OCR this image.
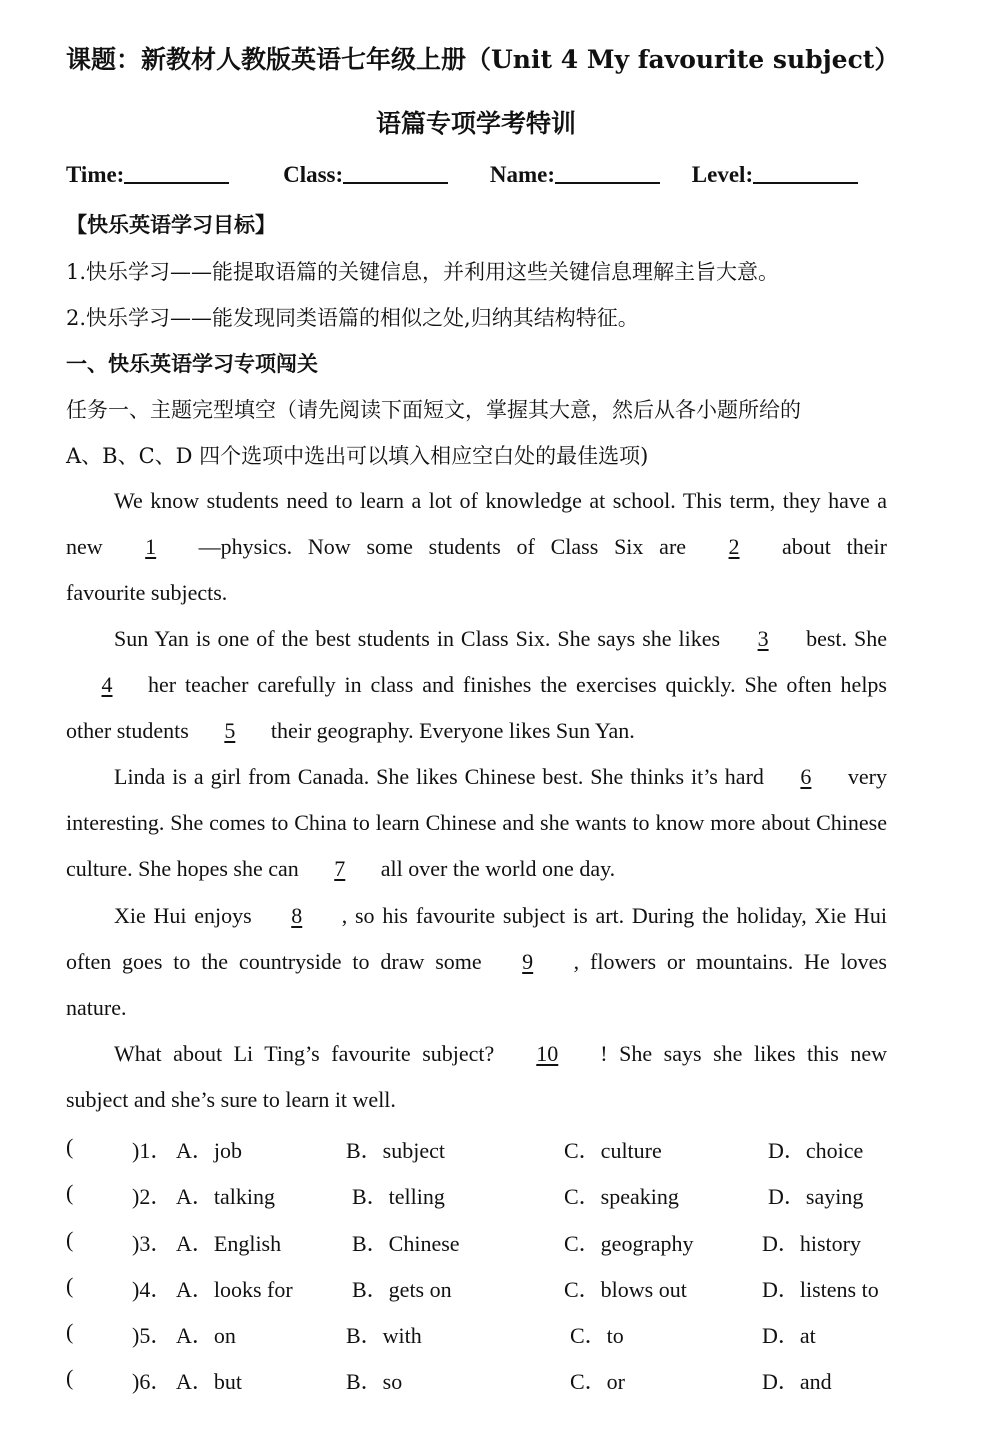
课题：新教材人教版英语七年级上册（Unit 4 My favourite subject）
语篇专项学考特训
Time:	Class:	Name:	Level:
【快乐英语学习目标】
1.快乐学习——能提取语篇的关键信息，并利用这些关键信息理解主旨大意。
2.快乐学习——能发现同类语篇的相似之处,归纳其结构特征。
一、快乐英语学习专项闯关
任务一、主题完型填空（请先阅读下面短文，掌握其大意，然后从各小题所给的
A、B、C、D 四个选项中选出可以填入相应空白处的最佳选项)
We know students need to learn a lot of knowledge at school. This term, they have a new 1 —physics. Now some students of Class Six are 2 about their favourite subjects.
Sun Yan is one of the best students in Class Six. She says she likes 3 best. She4 her teacher carefully in class and finishes the exercises quickly. She often helps other students 5 their geography. Everyone likes Sun Yan.
Linda is a girl from Canada. She likes Chinese best. She thinks it’s hard 6 very interesting. She comes to China to learn Chinese and she wants to know more about Chinese culture. She hopes she can 7 all over the world one day.
Xie Hui enjoys 8 , so his favourite subject is art. During the holiday, Xie Hui often goes to the countryside to draw some 9 , flowers or mountains. He loves nature.
What about Li Ting’s favourite subject? 10 ! She says she likes this new subject and she’s sure to learn it well.
(	)1． A．job	B．subject	C．culture	D．choice
(	)2． A．talking	B．telling	C．speaking	D．saying
(	)3． A．English	B．Chinese	C．geography	D．history
(	)4． A．looks for	B．gets on	C．blows out	D．listens to
(	)5． A．on	B．with	C．to	D．at
(	)6． A．but	B．so	C．or	D．and
